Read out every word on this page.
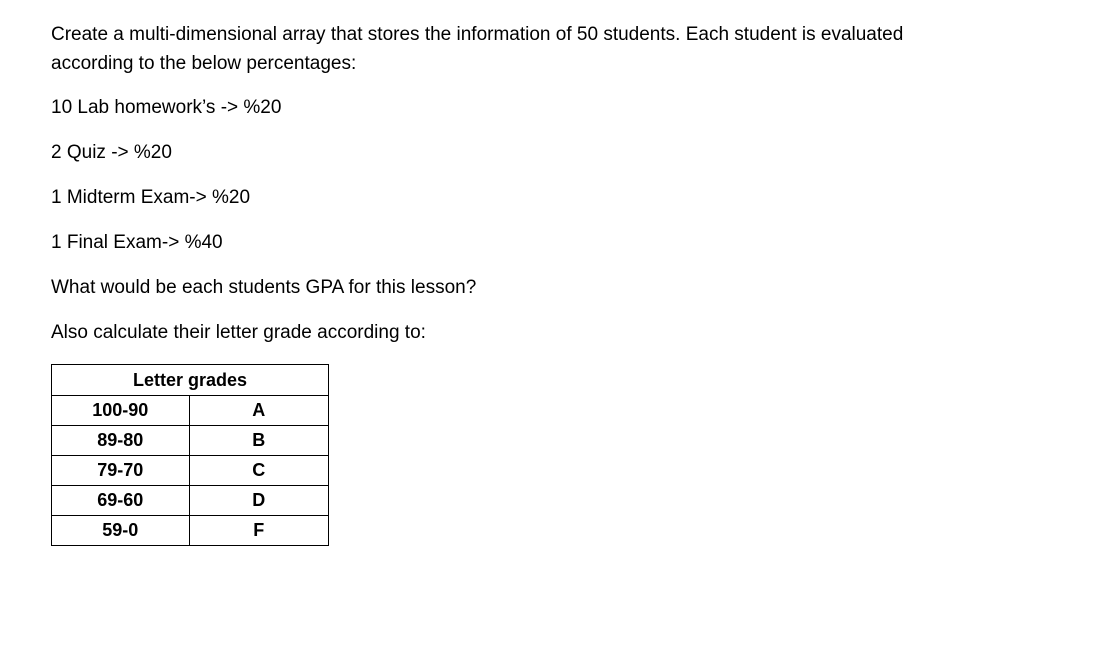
Create a multi-dimensional array that stores the information of 50 students. Each student is evaluated according to the below percentages:

10 Lab homework’s -> %20

2 Quiz -> %20

1 Midterm Exam-> %20

1 Final Exam-> %40

What would be each students GPA for this lesson?

Also calculate their letter grade according to:

Letter grades	
100-90	A
89-80	B
79-70	C
69-60	D
59-0	F
